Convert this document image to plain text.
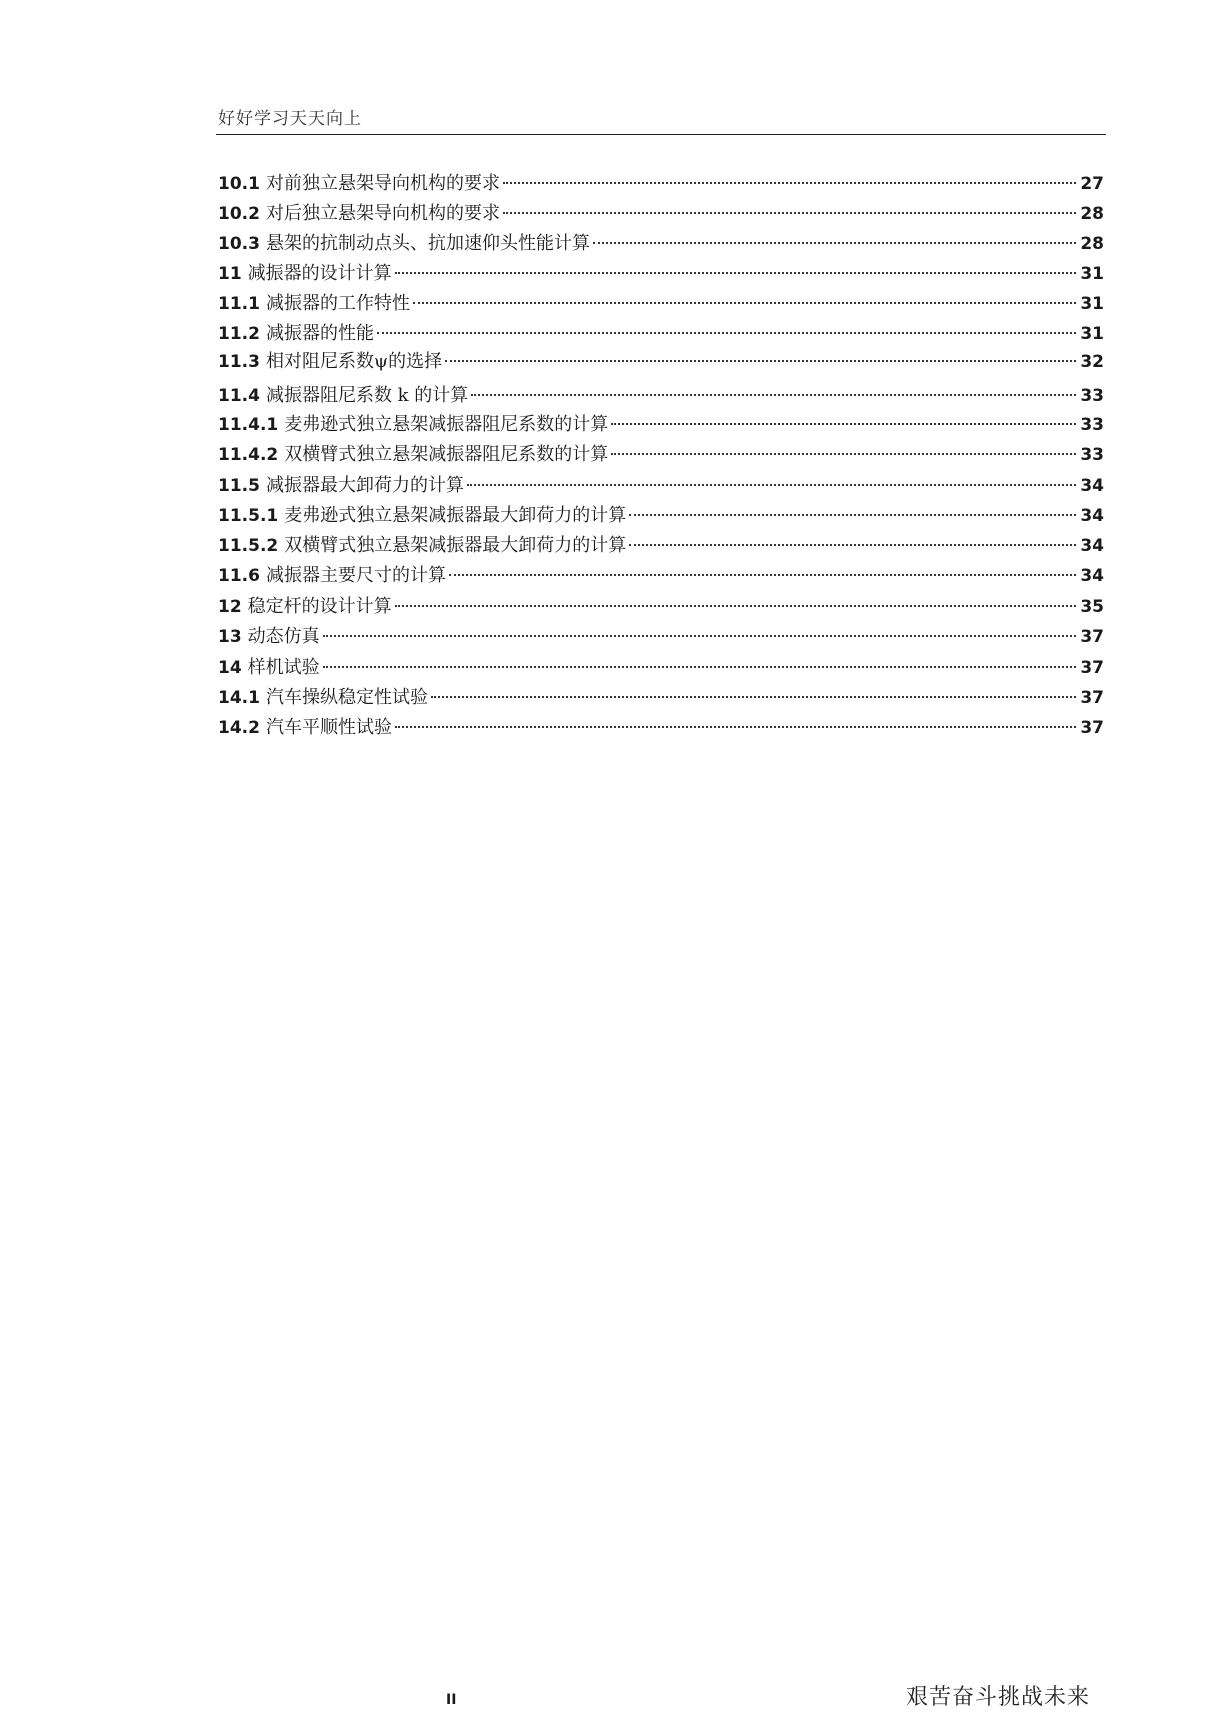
好好学习天天向上
10.1 对前独立悬架导向机构的要求	27
10.2 对后独立悬架导向机构的要求	28
10.3 悬架的抗制动点头、抗加速仰头性能计算	28
11 减振器的设计计算	31
11.1 减振器的工作特性	31
11.2 减振器的性能	31
11.3 相对阻尼系数ψ的选择	32
11.4 减振器阻尼系数 k 的计算	33
11.4.1 麦弗逊式独立悬架减振器阻尼系数的计算	33
11.4.2 双横臂式独立悬架减振器阻尼系数的计算	33
11.5 减振器最大卸荷力的计算	34
11.5.1 麦弗逊式独立悬架减振器最大卸荷力的计算	34
11.5.2 双横臂式独立悬架减振器最大卸荷力的计算	34
11.6 减振器主要尺寸的计算	34
12 稳定杆的设计计算	35
13 动态仿真	37
14 样机试验	37
14.1 汽车操纵稳定性试验	37
14.2 汽车平顺性试验	37
II	艰苦奋斗挑战未来
